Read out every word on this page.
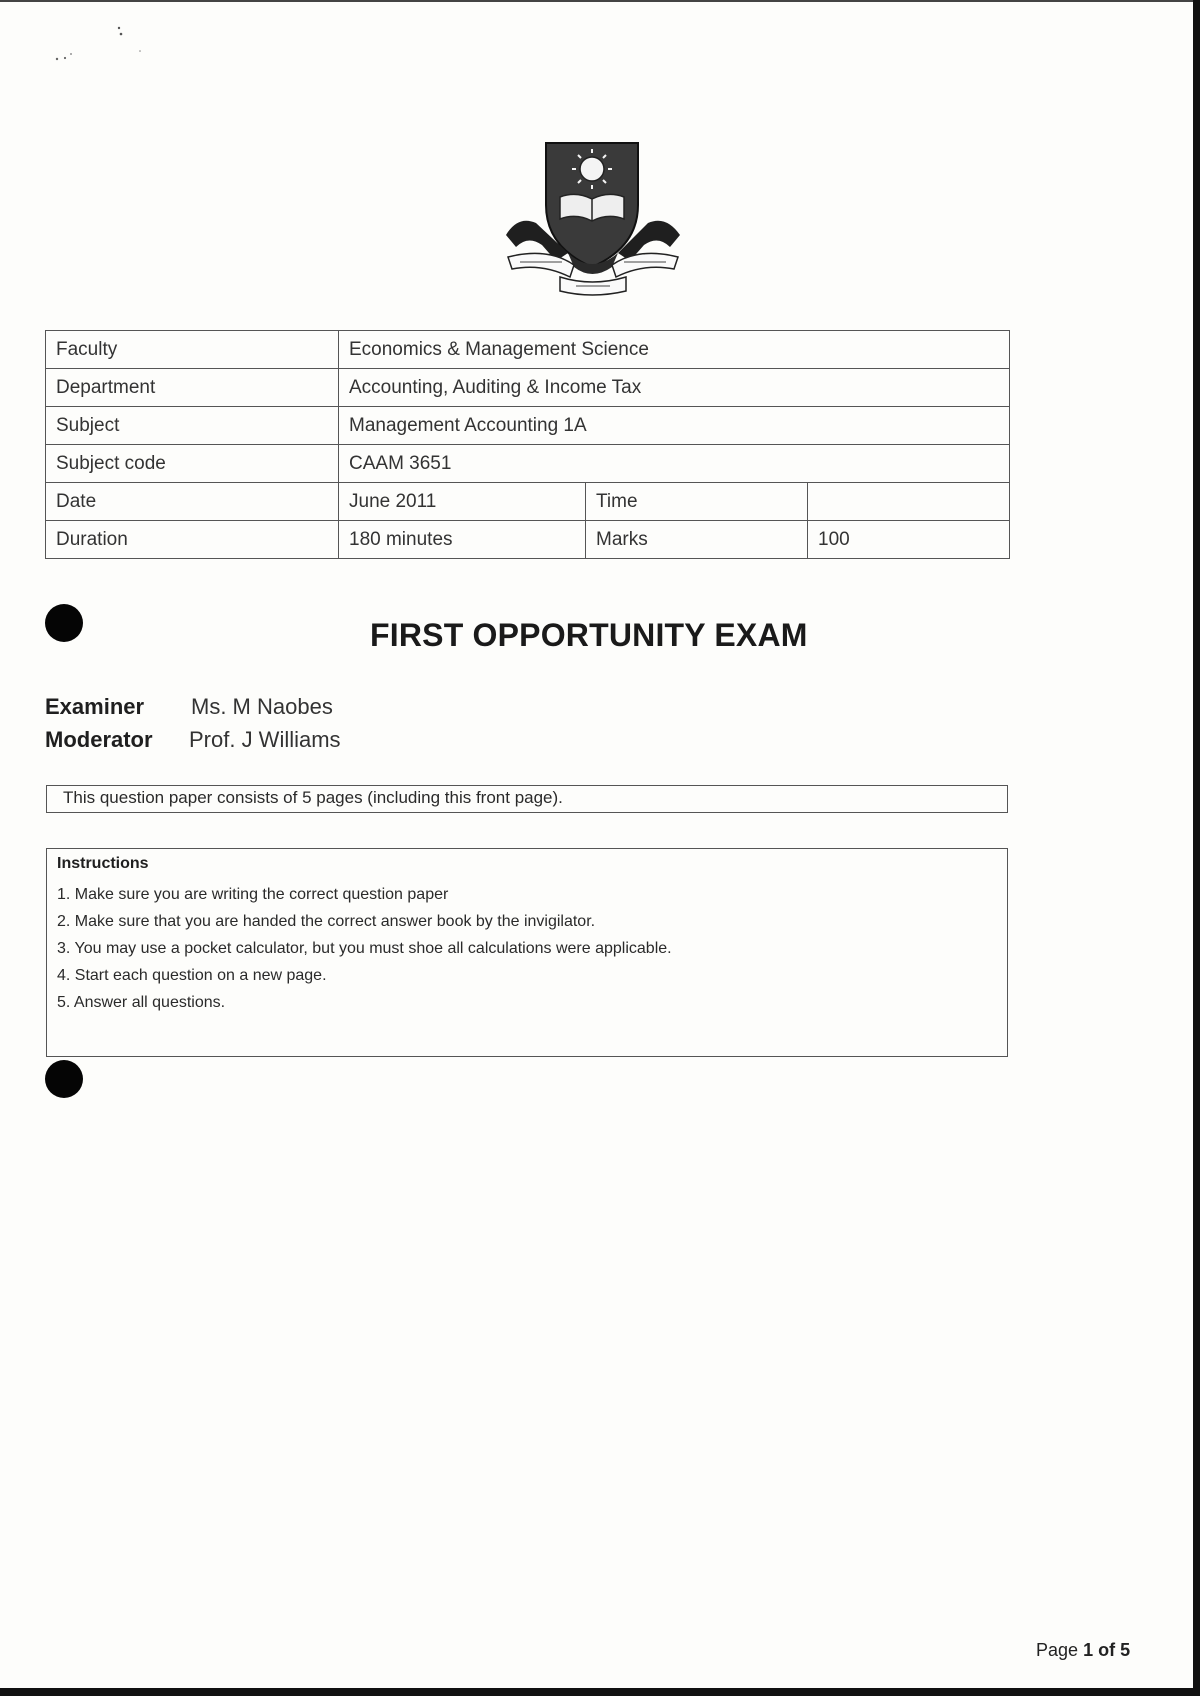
Faculty	Economics & Management Science		
Department	Accounting, Auditing & Income Tax		
Subject	Management Accounting 1A		
Subject code	CAAM 3651		
Date	June 2011	Time	
Duration	180 minutes	Marks	100
FIRST OPPORTUNITY EXAM
Examiner Ms. M Naobes
Moderator Prof. J Williams
This question paper consists of 5 pages (including this front page).
Instructions
1. Make sure you are writing the correct question paper
2. Make sure that you are handed the correct answer book by the invigilator.
3. You may use a pocket calculator, but you must shoe all calculations were applicable.
4. Start each question on a new page.
5. Answer all questions.
Page 1 of 5
